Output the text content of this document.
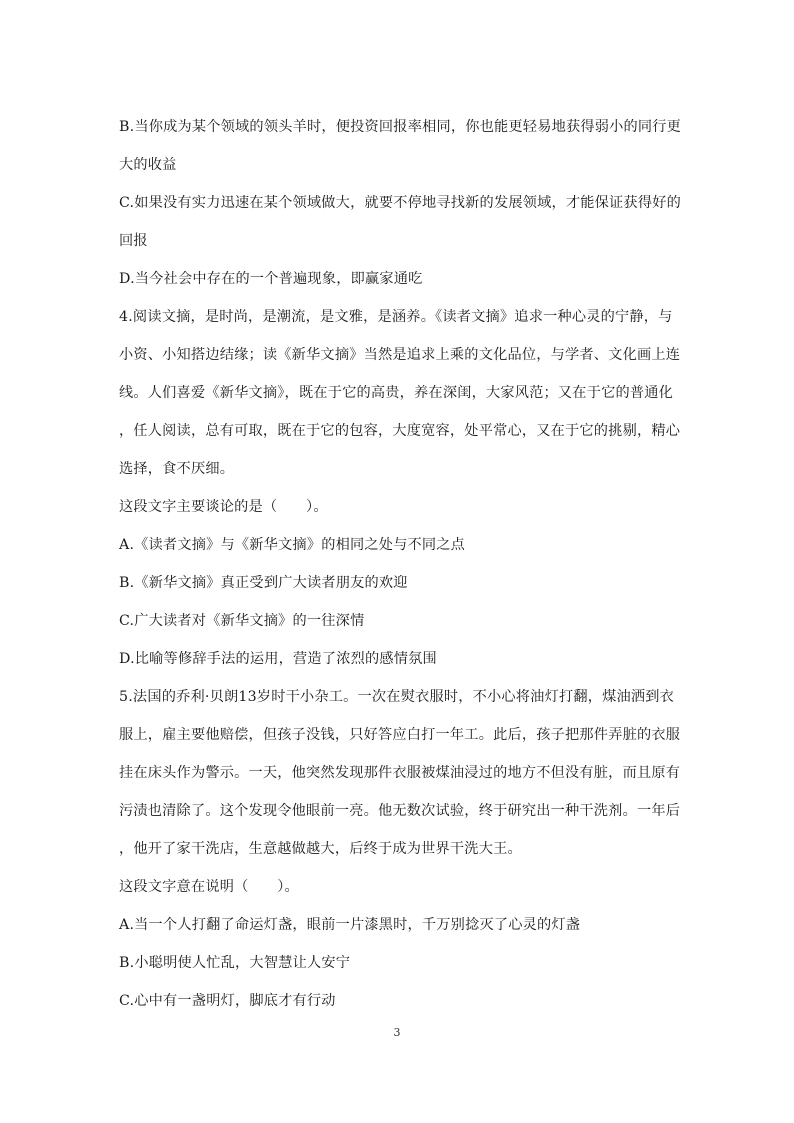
B.当你成为某个领域的领头羊时，便投资回报率相同，你也能更轻易地获得弱小的同行更
大的收益
C.如果没有实力迅速在某个领域做大，就要不停地寻找新的发展领域，才能保证获得好的
回报
D.当今社会中存在的一个普遍现象，即赢家通吃
4.阅读文摘，是时尚，是潮流，是文雅，是涵养。《读者文摘》追求一种心灵的宁静，与
小资、小知搭边结缘；读《新华文摘》当然是追求上乘的文化品位，与学者、文化画上连
线。人们喜爱《新华文摘》，既在于它的高贵，养在深闺，大家风范；又在于它的普通化
，任人阅读，总有可取，既在于它的包容，大度宽容，处平常心，又在于它的挑剔，精心
选择，食不厌细。
这段文字主要谈论的是（　　）。
A.《读者文摘》与《新华文摘》的相同之处与不同之点
B.《新华文摘》真正受到广大读者朋友的欢迎
C.广大读者对《新华文摘》的一往深情
D.比喻等修辞手法的运用，营造了浓烈的感情氛围
5.法国的乔利·贝朗13岁时干小杂工。一次在熨衣服时，不小心将油灯打翻，煤油洒到衣
服上，雇主要他赔偿，但孩子没钱，只好答应白打一年工。此后，孩子把那件弄脏的衣服
挂在床头作为警示。一天，他突然发现那件衣服被煤油浸过的地方不但没有脏，而且原有
污渍也清除了。这个发现令他眼前一亮。他无数次试验，终于研究出一种干洗剂。一年后
，他开了家干洗店，生意越做越大，后终于成为世界干洗大王。
这段文字意在说明（　　）。
A.当一个人打翻了命运灯盏，眼前一片漆黑时，千万别捻灭了心灵的灯盏
B.小聪明使人忙乱，大智慧让人安宁
C.心中有一盏明灯，脚底才有行动
3
